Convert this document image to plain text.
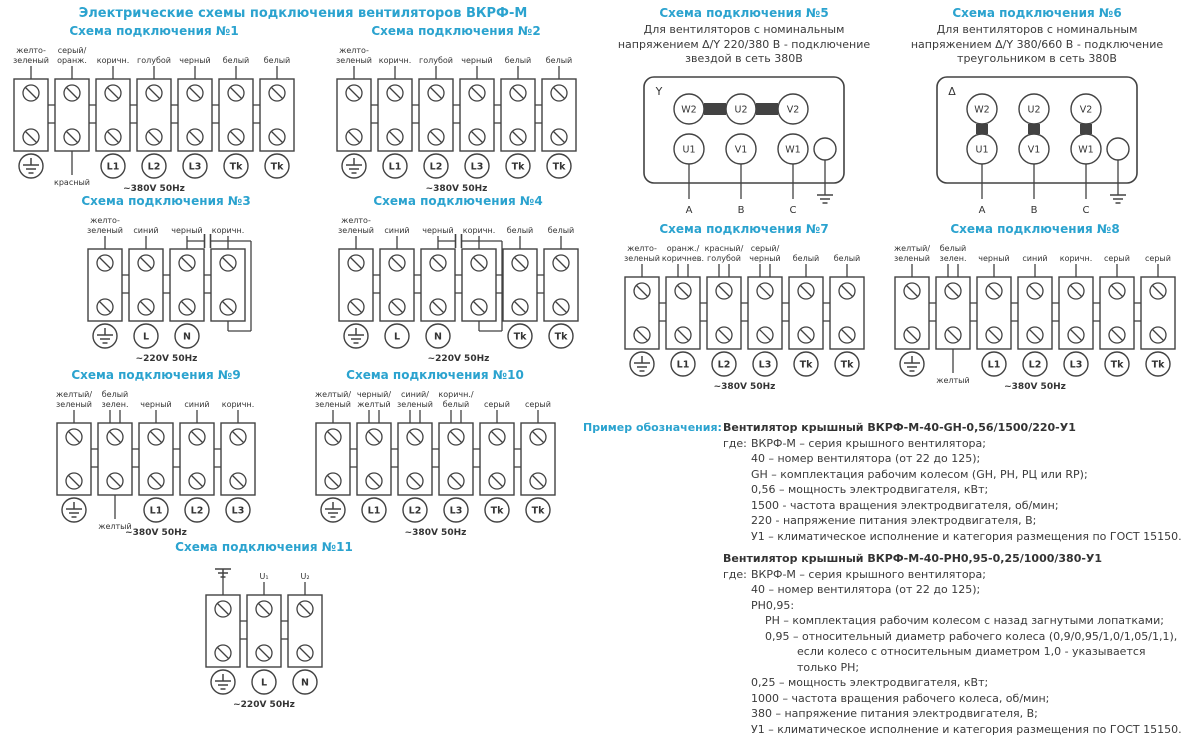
Электрические схемы подключения вентиляторов ВКРФ-М
Схема подключения №1
желто-
зеленый
серый/
оранж.
красный
коричн.
L1
голубой
L2
черный
L3
белый
Tk
белый
Tk
~380V 50Hz
Схема подключения №2
желто-
зеленый коричн.
L1
голубой
L2
черный
L3
белый
Tk
белый
Tk
~380V 50Hz
Схема подключения №3
желто-
зеленый синий
L
черный
N
коричн.
~220V 50Hz
Схема подключения №4
желто-
зеленый синий
L
черный
N
коричн. белый
Tk
белый
Tk
~220V 50Hz
Схема подключения №5
Для вентиляторов с номинальным
напряжением Δ/Y 220/380 В - подключение
звездой в сеть 380В
Y
W2	U2	V2
U1
A
V1
B
W1
C
Схема подключения №6
Для вентиляторов с номинальным
напряжением Δ/Y 380/660 В - подключение
треугольником в сеть 380В
Δ
W2	U2	V2
U1
A
V1
B
W1
C
Схема подключения №7
желто-
зеленый
оранж./
коричнев.
L1
красный/
голубой
L2
серый/
черный
L3
белый
Tk
белый
Tk
~380V 50Hz
Схема подключения №8
желтый/
зеленый
белый
зелен.
желтый
черный
L1
синий
L2
коричн.
L3
серый
Tk
серый
Tk
~380V 50Hz
Схема подключения №9
желтый/
зеленый
белый
зелен.
желтый
черный
L1
синий
L2
коричн.
L3
~380V 50Hz
Схема подключения №10
желтый/
зеленый
черный/
желтый
L1
синий/
зеленый
L2
коричн./
белый
L3
серый
Tk
серый
Tk
~380V 50Hz
Схема подключения №11
U₁
L
U₂
N
~220V 50Hz
Пример обозначения: Вентилятор крышный ВКРФ-М-40-GH-0,56/1500/220-У1
где: ВКРФ-М – серия крышного вентилятора;
40 – номер вентилятора (от 22 до 125);
GH – комплектация рабочим колесом (GH, PH, РЦ или RP);
0,56 – мощность электродвигателя, кВт;
1500 - частота вращения электродвигателя, об/мин;
220 - напряжение питания электродвигателя, В;
У1 – климатическое исполнение и категория размещения по ГОСТ 15150.
Вентилятор крышный ВКРФ-М-40-РН0,95-0,25/1000/380-У1
где: ВКРФ-М – серия крышного вентилятора;
40 – номер вентилятора (от 22 до 125);
РН0,95:
РН – комплектация рабочим колесом с назад загнутыми лопатками;
0,95 – относительный диаметр рабочего колеса (0,9/0,95/1,0/1,05/1,1),
если колесо с относительным диаметром 1,0 - указывается только РН;
0,25 – мощность электродвигателя, кВт;
1000 – частота вращения рабочего колеса, об/мин;
380 – напряжение питания электродвигателя, В;
У1 – климатическое исполнение и категория размещения по ГОСТ 15150.
